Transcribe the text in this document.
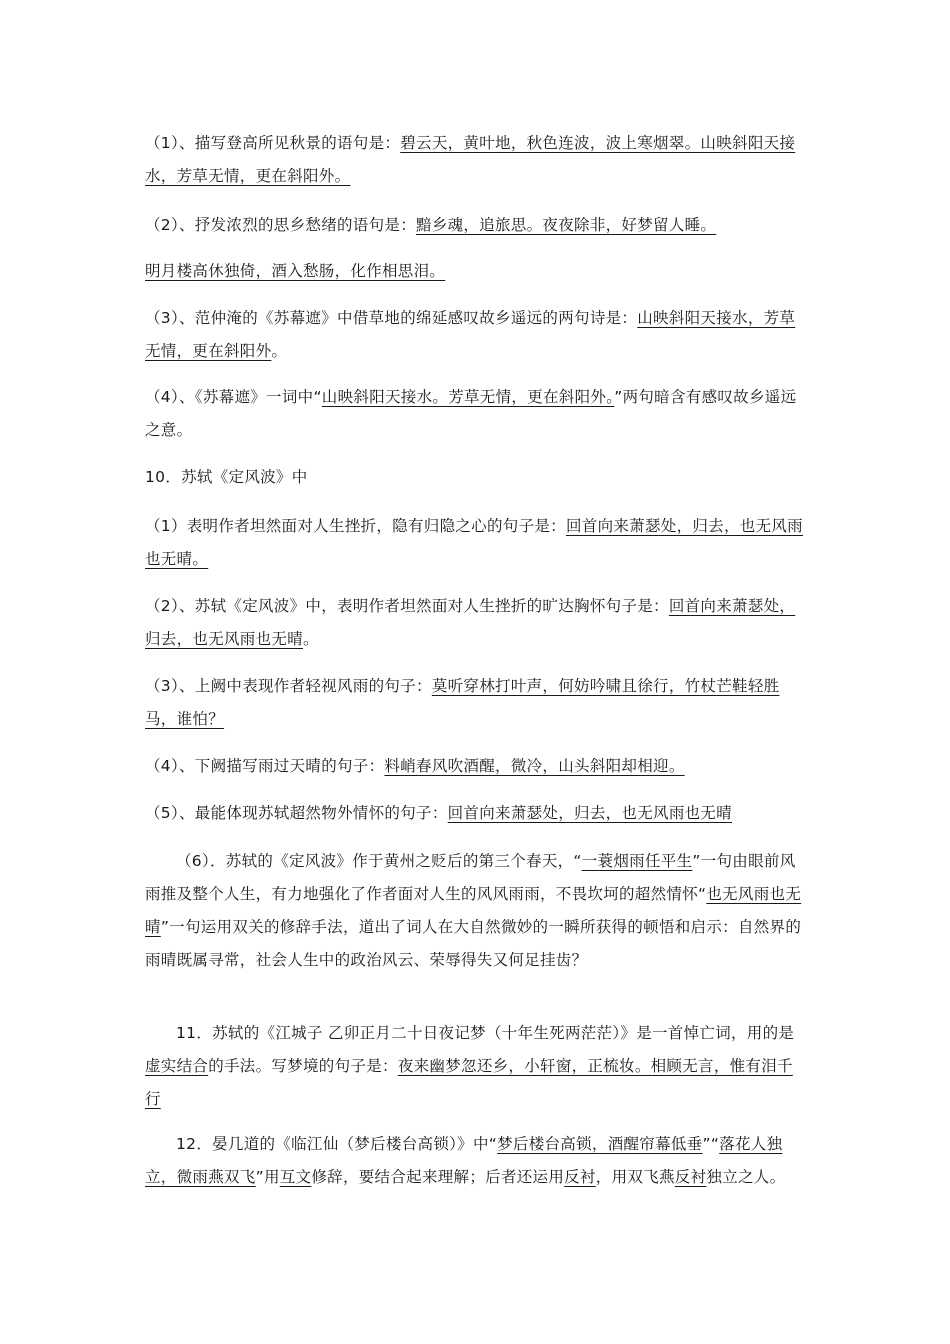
（1）、描写登高所见秋景的语句是：碧云天，黄叶地，秋色连波，波上寒烟翠。山映斜阳天接水，芳草无情，更在斜阳外。

（2）、抒发浓烈的思乡愁绪的语句是：黯乡魂，追旅思。夜夜除非，好梦留人睡。

明月楼高休独倚，酒入愁肠，化作相思泪。

（3）、范仲淹的《苏幕遮》中借草地的绵延感叹故乡遥远的两句诗是：山映斜阳天接水，芳草无情，更在斜阳外。

（4）、《苏幕遮》一词中“山映斜阳天接水。芳草无情，更在斜阳外。”两句暗含有感叹故乡遥远之意。

10．苏轼《定风波》中

（1）表明作者坦然面对人生挫折，隐有归隐之心的句子是：回首向来萧瑟处，归去，也无风雨也无晴。

（2）、苏轼《定风波》中，表明作者坦然面对人生挫折的旷达胸怀句子是：回首向来萧瑟处，归去，也无风雨也无晴。

（3）、上阙中表现作者轻视风雨的句子：莫听穿林打叶声，何妨吟啸且徐行，竹杖芒鞋轻胜马，谁怕？

（4）、下阙描写雨过天晴的句子：料峭春风吹酒醒，微冷，山头斜阳却相迎。

（5）、最能体现苏轼超然物外情怀的句子：回首向来萧瑟处，归去，也无风雨也无晴

（6）．苏轼的《定风波》作于黄州之贬后的第三个春天，“一蓑烟雨任平生”一句由眼前风雨推及整个人生，有力地强化了作者面对人生的风风雨雨，不畏坎坷的超然情怀“也无风雨也无晴”一句运用双关的修辞手法，道出了词人在大自然微妙的一瞬所获得的顿悟和启示：自然界的雨晴既属寻常，社会人生中的政治风云、荣辱得失又何足挂齿？

11．苏轼的《江城子 乙卯正月二十日夜记梦（十年生死两茫茫）》是一首悼亡词，用的是虚实结合的手法。写梦境的句子是：夜来幽梦忽还乡，小轩窗，正梳妆。相顾无言，惟有泪千行

12．晏几道的《临江仙（梦后楼台高锁）》中“梦后楼台高锁，酒醒帘幕低垂”“落花人独立，微雨燕双飞”用互文修辞，要结合起来理解；后者还运用反衬，用双飞燕反衬独立之人。
